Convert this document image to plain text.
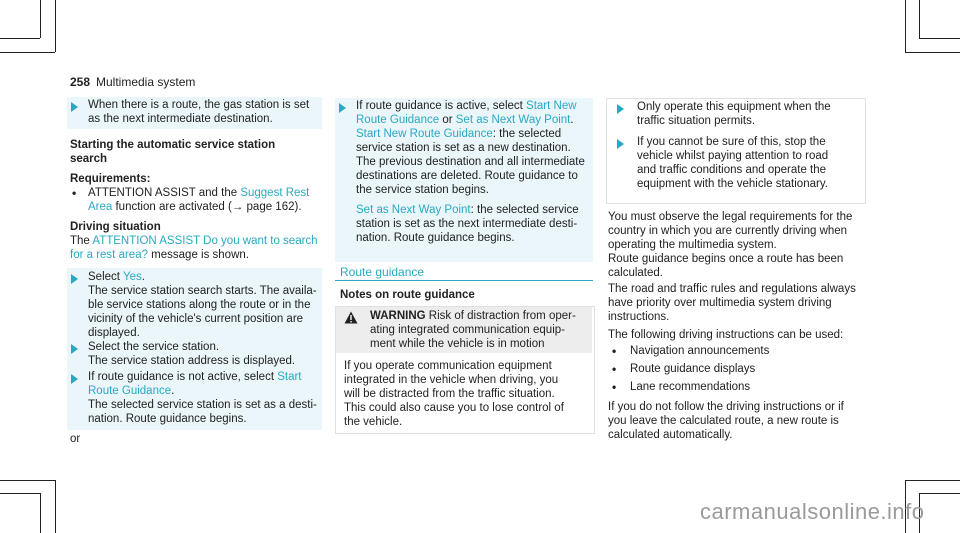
258 Multimedia system
When there is a route, the gas station is set
as the next intermediate destination.
Starting the automatic service station
search
Requirements:
• ATTENTION ASSIST and the Suggest Rest
Area function are activated (→ page 162).
Driving situation
The ATTENTION ASSIST Do you want to search
for a rest area? message is shown.
Select Yes.
The service station search starts. The availa-
ble service stations along the route or in the
vicinity of the vehicle's current position are
displayed.
Select the service station.
The service station address is displayed.
If route guidance is not active, select Start
Route Guidance.
The selected service station is set as a desti-
nation. Route guidance begins.
or
If route guidance is active, select Start New
Route Guidance or Set as Next Way Point.
Start New Route Guidance: the selected
service station is set as a new destination.
The previous destination and all intermediate
destinations are deleted. Route guidance to
the service station begins.
Set as Next Way Point: the selected service
station is set as the next intermediate desti-
nation. Route guidance begins.
Route guidance
Notes on route guidance
WARNING Risk of distraction from oper-
ating integrated communication equip-
ment while the vehicle is in motion
If you operate communication equipment
integrated in the vehicle when driving, you
will be distracted from the traffic situation.
This could also cause you to lose control of
the vehicle.
Only operate this equipment when the
traffic situation permits.
If you cannot be sure of this, stop the
vehicle whilst paying attention to road
and traffic conditions and operate the
equipment with the vehicle stationary.
You must observe the legal requirements for the
country in which you are currently driving when
operating the multimedia system.
Route guidance begins once a route has been
calculated.
The road and traffic rules and regulations always
have priority over multimedia system driving
instructions.
The following driving instructions can be used:
• Navigation announcements
• Route guidance displays
• Lane recommendations
If you do not follow the driving instructions or if
you leave the calculated route, a new route is
calculated automatically.
carmanualsonline.info
